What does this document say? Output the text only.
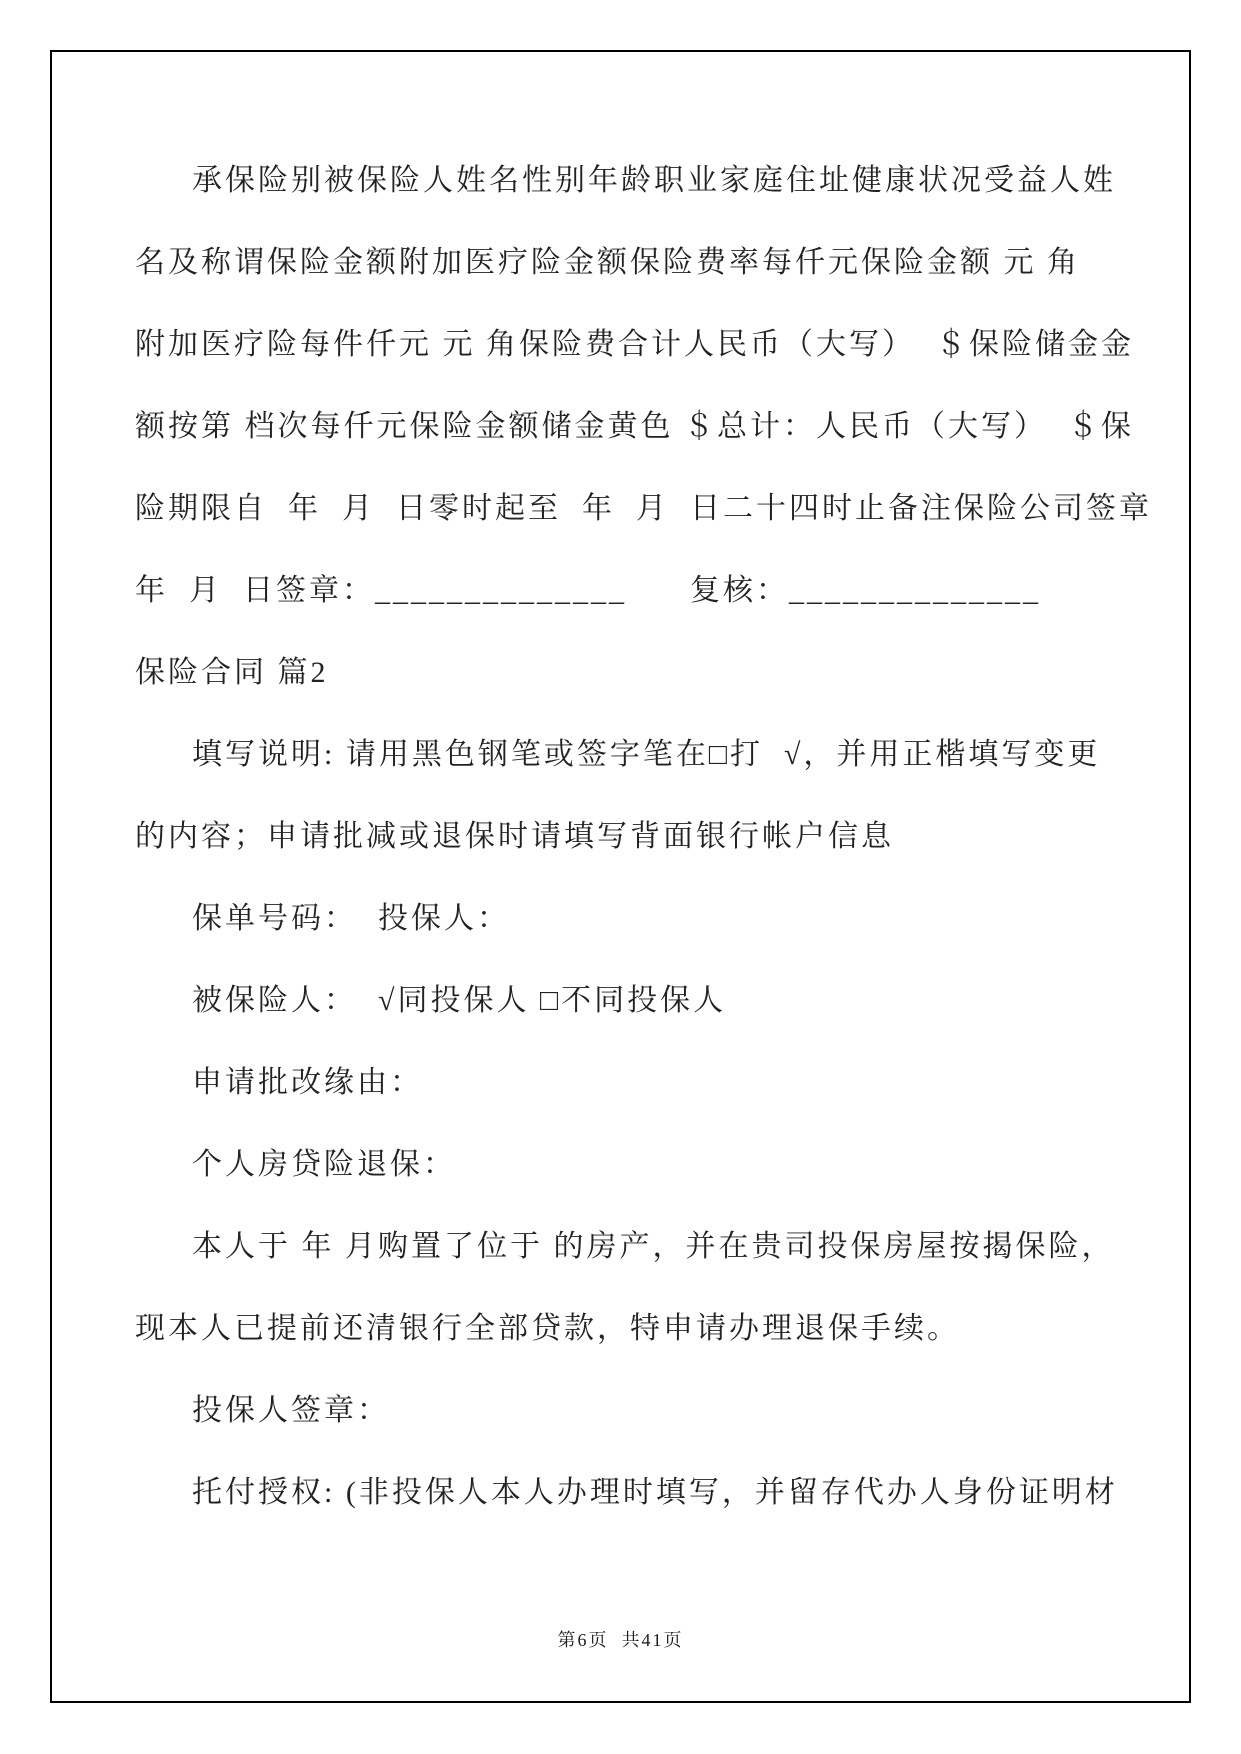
承保险别被保险人姓名性别年龄职业家庭住址健康状况受益人姓
名及称谓保险金额附加医疗险金额保险费率每仟元保险金额 元 角
附加医疗险每件仟元 元 角保险费合计人民币（大写）  ＄保险储金金
额按第 档次每仟元保险金额储金黄色 ＄总计：人民币（大写）  ＄保
险期限自  年  月  日零时起至  年  月  日二十四时止备注保险公司签章
年  月  日签章：______________      复核：______________
保险合同 篇2
填写说明: 请用黑色钢笔或签字笔在□打  √，并用正楷填写变更
的内容；申请批减或退保时请填写背面银行帐户信息
保单号码：  投保人：
被保险人：  √同投保人 □不同投保人
申请批改缘由：
个人房贷险退保：
本人于 年 月购置了位于 的房产，并在贵司投保房屋按揭保险，
现本人已提前还清银行全部贷款，特申请办理退保手续。
投保人签章：
托付授权: (非投保人本人办理时填写，并留存代办人身份证明材
第6页  共41页
